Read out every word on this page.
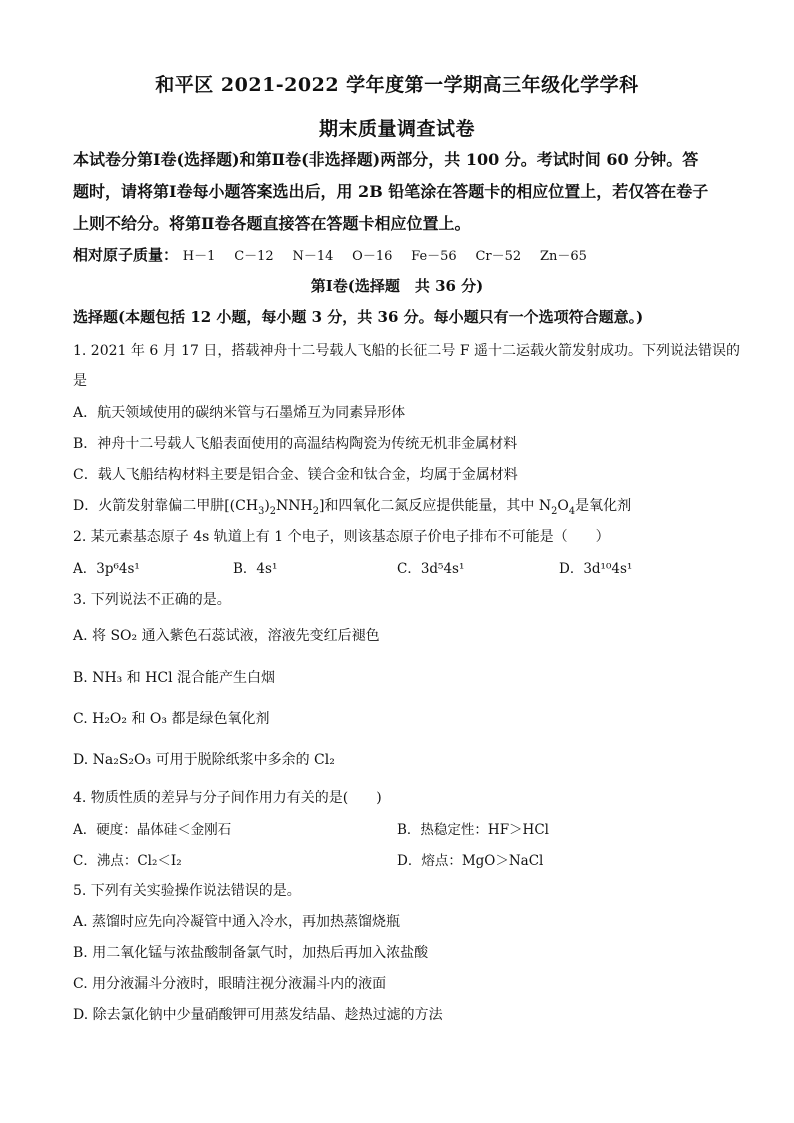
和平区 2021-2022 学年度第一学期高三年级化学学科
期末质量调查试卷
本试卷分第Ⅰ卷(选择题)和第Ⅱ卷(非选择题)两部分，共 100 分。考试时间 60 分钟。答题时，请将第Ⅰ卷每小题答案选出后，用 2B 铅笔涂在答题卡的相应位置上，若仅答在卷子上则不给分。将第Ⅱ卷各题直接答在答题卡相应位置上。
相对原子质量： H－1 C－12 N－14 O－16 Fe－56 Cr－52 Zn－65
第Ⅰ卷(选择题　共 36 分)
选择题(本题包括 12 小题，每小题 3 分，共 36 分。每小题只有一个选项符合题意。)
1. 2021 年 6 月 17 日，搭载神舟十二号载人飞船的长征二号 F 遥十二运载火箭发射成功。下列说法错误的
是
A．航天领域使用的碳纳米管与石墨烯互为同素异形体
B．神舟十二号载人飞船表面使用的高温结构陶瓷为传统无机非金属材料
C．载人飞船结构材料主要是铝合金、镁合金和钛合金，均属于金属材料
D．火箭发射靠偏二甲肼$[(CH_3)_2NNH_2]$和四氧化二氮反应提供能量，其中 $N_2O_4$是氧化剂
2. 某元素基态原子 4s 轨道上有 1 个电子，则该基态原子价电子排布不可能是（　　）
A．3p⁶4s¹	B．4s¹	C．3d⁵4s¹	D．3d¹⁰4s¹
3. 下列说法不正确的是。
A. 将 SO₂ 通入紫色石蕊试液，溶液先变红后褪色
B. NH₃ 和 HCl 混合能产生白烟
C. H₂O₂ 和 O₃ 都是绿色氧化剂
D. Na₂S₂O₃ 可用于脱除纸浆中多余的 Cl₂
4. 物质性质的差异与分子间作用力有关的是(　　)
A．硬度：晶体硅＜金刚石	B．热稳定性：HF＞HCl
C．沸点：Cl₂＜I₂	D．熔点：MgO＞NaCl
5. 下列有关实验操作说法错误的是。
A. 蒸馏时应先向冷凝管中通入冷水，再加热蒸馏烧瓶
B. 用二氧化锰与浓盐酸制备氯气时，加热后再加入浓盐酸
C. 用分液漏斗分液时，眼睛注视分液漏斗内的液面
D. 除去氯化钠中少量硝酸钾可用蒸发结晶、趁热过滤的方法
